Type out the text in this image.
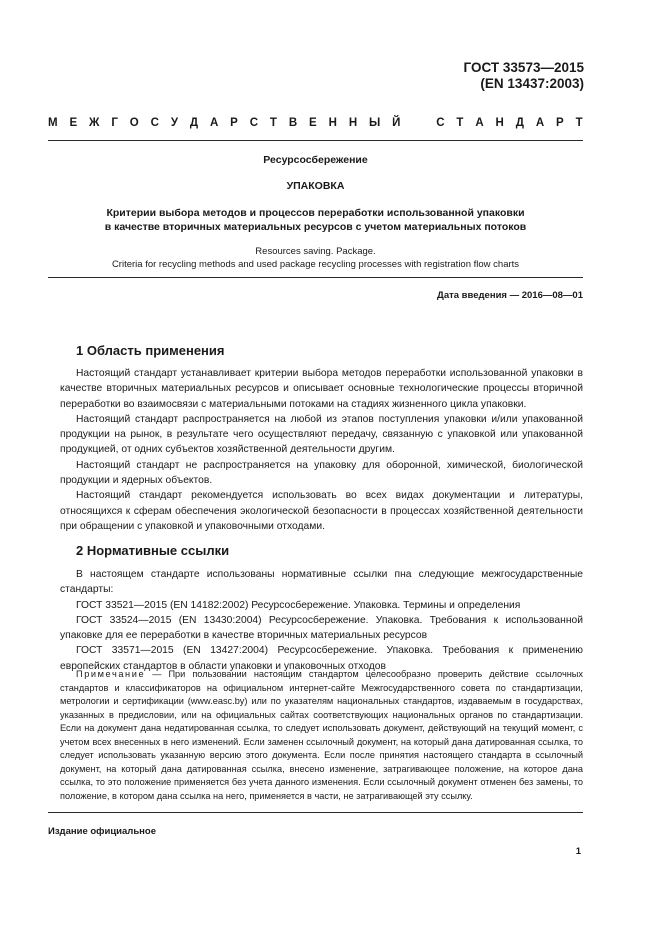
ГОСТ 33573—2015
(EN 13437:2003)
М Е Ж Г О С У Д А Р С Т В Е Н Н Ы Й	С Т А Н Д А Р Т
Ресурсосбережение
УПАКОВКА
Критерии выбора методов и процессов переработки использованной упаковки
в качестве вторичных материальных ресурсов с учетом материальных потоков
Resources saving. Package.
Criteria for recycling methods and used package recycling processes with registration flow charts
Дата введения — 2016—08—01
1 Область применения

Настоящий стандарт устанавливает критерии выбора методов переработки использованной упаковки в качестве вторичных материальных ресурсов и описывает основные технологические процессы вторичной переработки во взаимосвязи с материальными потоками на стадиях жизненного цикла упаковки.

Настоящий стандарт распространяется на любой из этапов поступления упаковки и/или упакованной продукции на рынок, в результате чего осуществляют передачу, связанную с упаковкой или упакованной продукцией, от одних субъектов хозяйственной деятельности другим.

Настоящий стандарт не распространяется на упаковку для оборонной, химической, биологической продукции и ядерных объектов.

Настоящий стандарт рекомендуется использовать во всех видах документации и литературы, относящихся к сферам обеспечения экологической безопасности в процессах хозяйственной деятельности при обращении с упаковкой и упаковочными отходами.

2 Нормативные ссылки

В настоящем стандарте использованы нормативные ссылки пна следующие межгосударственные стандарты:

ГОСТ 33521—2015 (EN 14182:2002) Ресурсосбережение. Упаковка. Термины и определения

ГОСТ 33524—2015 (EN 13430:2004) Ресурсосбережение. Упаковка. Требования к использованной упаковке для ее переработки в качестве вторичных материальных ресурсов

ГОСТ 33571—2015 (EN 13427:2004) Ресурсосбережение. Упаковка. Требования к применению европейских стандартов в области упаковки и упаковочных отходов

Примечание — При пользовании настоящим стандартом целесообразно проверить действие ссылочных стандартов и классификаторов на официальном интернет-сайте Межгосударственного совета по стандартизации, метрологии и сертификации (www.easc.by) или по указателям национальных стандартов, издаваемым в государствах, указанных в предисловии, или на официальных сайтах соответствующих национальных органов по стандартизации. Если на документ дана недатированная ссылка, то следует использовать документ, действующий на текущий момент, с учетом всех внесенных в него изменений. Если заменен ссылочный документ, на который дана датированная ссылка, то следует использовать указанную версию этого документа. Если после принятия настоящего стандарта в ссылочный документ, на который дана датированная ссылка, внесено изменение, затрагивающее положение, на которое дана ссылка, то это положение применяется без учета данного изменения. Если ссылочный документ отменен без замены, то положение, в котором дана ссылка на него, применяется в части, не затрагивающей эту ссылку.

Издание официальное
1
